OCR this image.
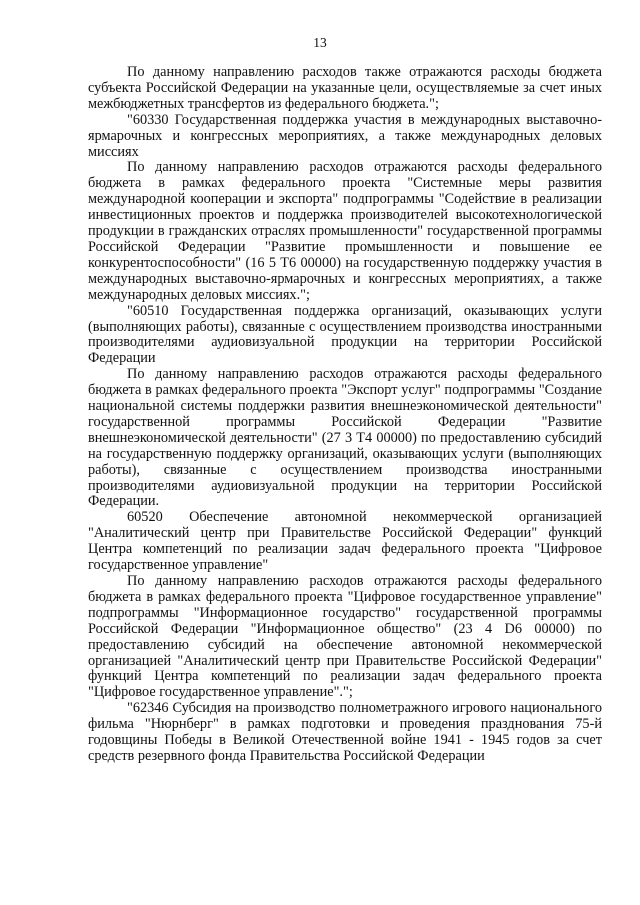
13

По данному направлению расходов также отражаются расходы бюджета субъекта Российской Федерации на указанные цели, осуществляемые за счет иных межбюджетных трансфертов из федерального бюджета.";

"60330 Государственная поддержка участия в международных выставочно-ярмарочных и конгрессных мероприятиях, а также международных деловых миссиях

По данному направлению расходов отражаются расходы федерального бюджета в рамках федерального проекта "Системные меры развития международной кооперации и экспорта" подпрограммы "Содействие в реализации инвестиционных проектов и поддержка производителей высокотехнологической продукции в гражданских отраслях промышленности" государственной программы Российской Федерации "Развитие промышленности и повышение ее конкурентоспособности" (16 5 T6 00000) на государственную поддержку участия в международных выставочно-ярмарочных и конгрессных мероприятиях, а также международных деловых миссиях.";

"60510 Государственная поддержка организаций, оказывающих услуги (выполняющих работы), связанные с осуществлением производства иностранными производителями аудиовизуальной продукции на территории Российской Федерации

По данному направлению расходов отражаются расходы федерального бюджета в рамках федерального проекта "Экспорт услуг" подпрограммы "Создание национальной системы поддержки развития внешнеэкономической деятельности" государственной программы Российской Федерации "Развитие внешнеэкономической деятельности" (27 3 T4 00000) по предоставлению субсидий на государственную поддержку организаций, оказывающих услуги (выполняющих работы), связанные с осуществлением производства иностранными производителями аудиовизуальной продукции на территории Российской Федерации.

60520 Обеспечение автономной некоммерческой организацией "Аналитический центр при Правительстве Российской Федерации" функций Центра компетенций по реализации задач федерального проекта "Цифровое государственное управление"

По данному направлению расходов отражаются расходы федерального бюджета в рамках федерального проекта "Цифровое государственное управление" подпрограммы "Информационное государство" государственной программы Российской Федерации "Информационное общество" (23 4 D6 00000) по предоставлению субсидий на обеспечение автономной некоммерческой организацией "Аналитический центр при Правительстве Российской Федерации" функций Центра компетенций по реализации задач федерального проекта "Цифровое государственное управление".";

"62346 Субсидия на производство полнометражного игрового национального фильма "Нюрнберг" в рамках подготовки и проведения празднования 75-й годовщины Победы в Великой Отечественной войне 1941 - 1945 годов за счет средств резервного фонда Правительства Российской Федерации
